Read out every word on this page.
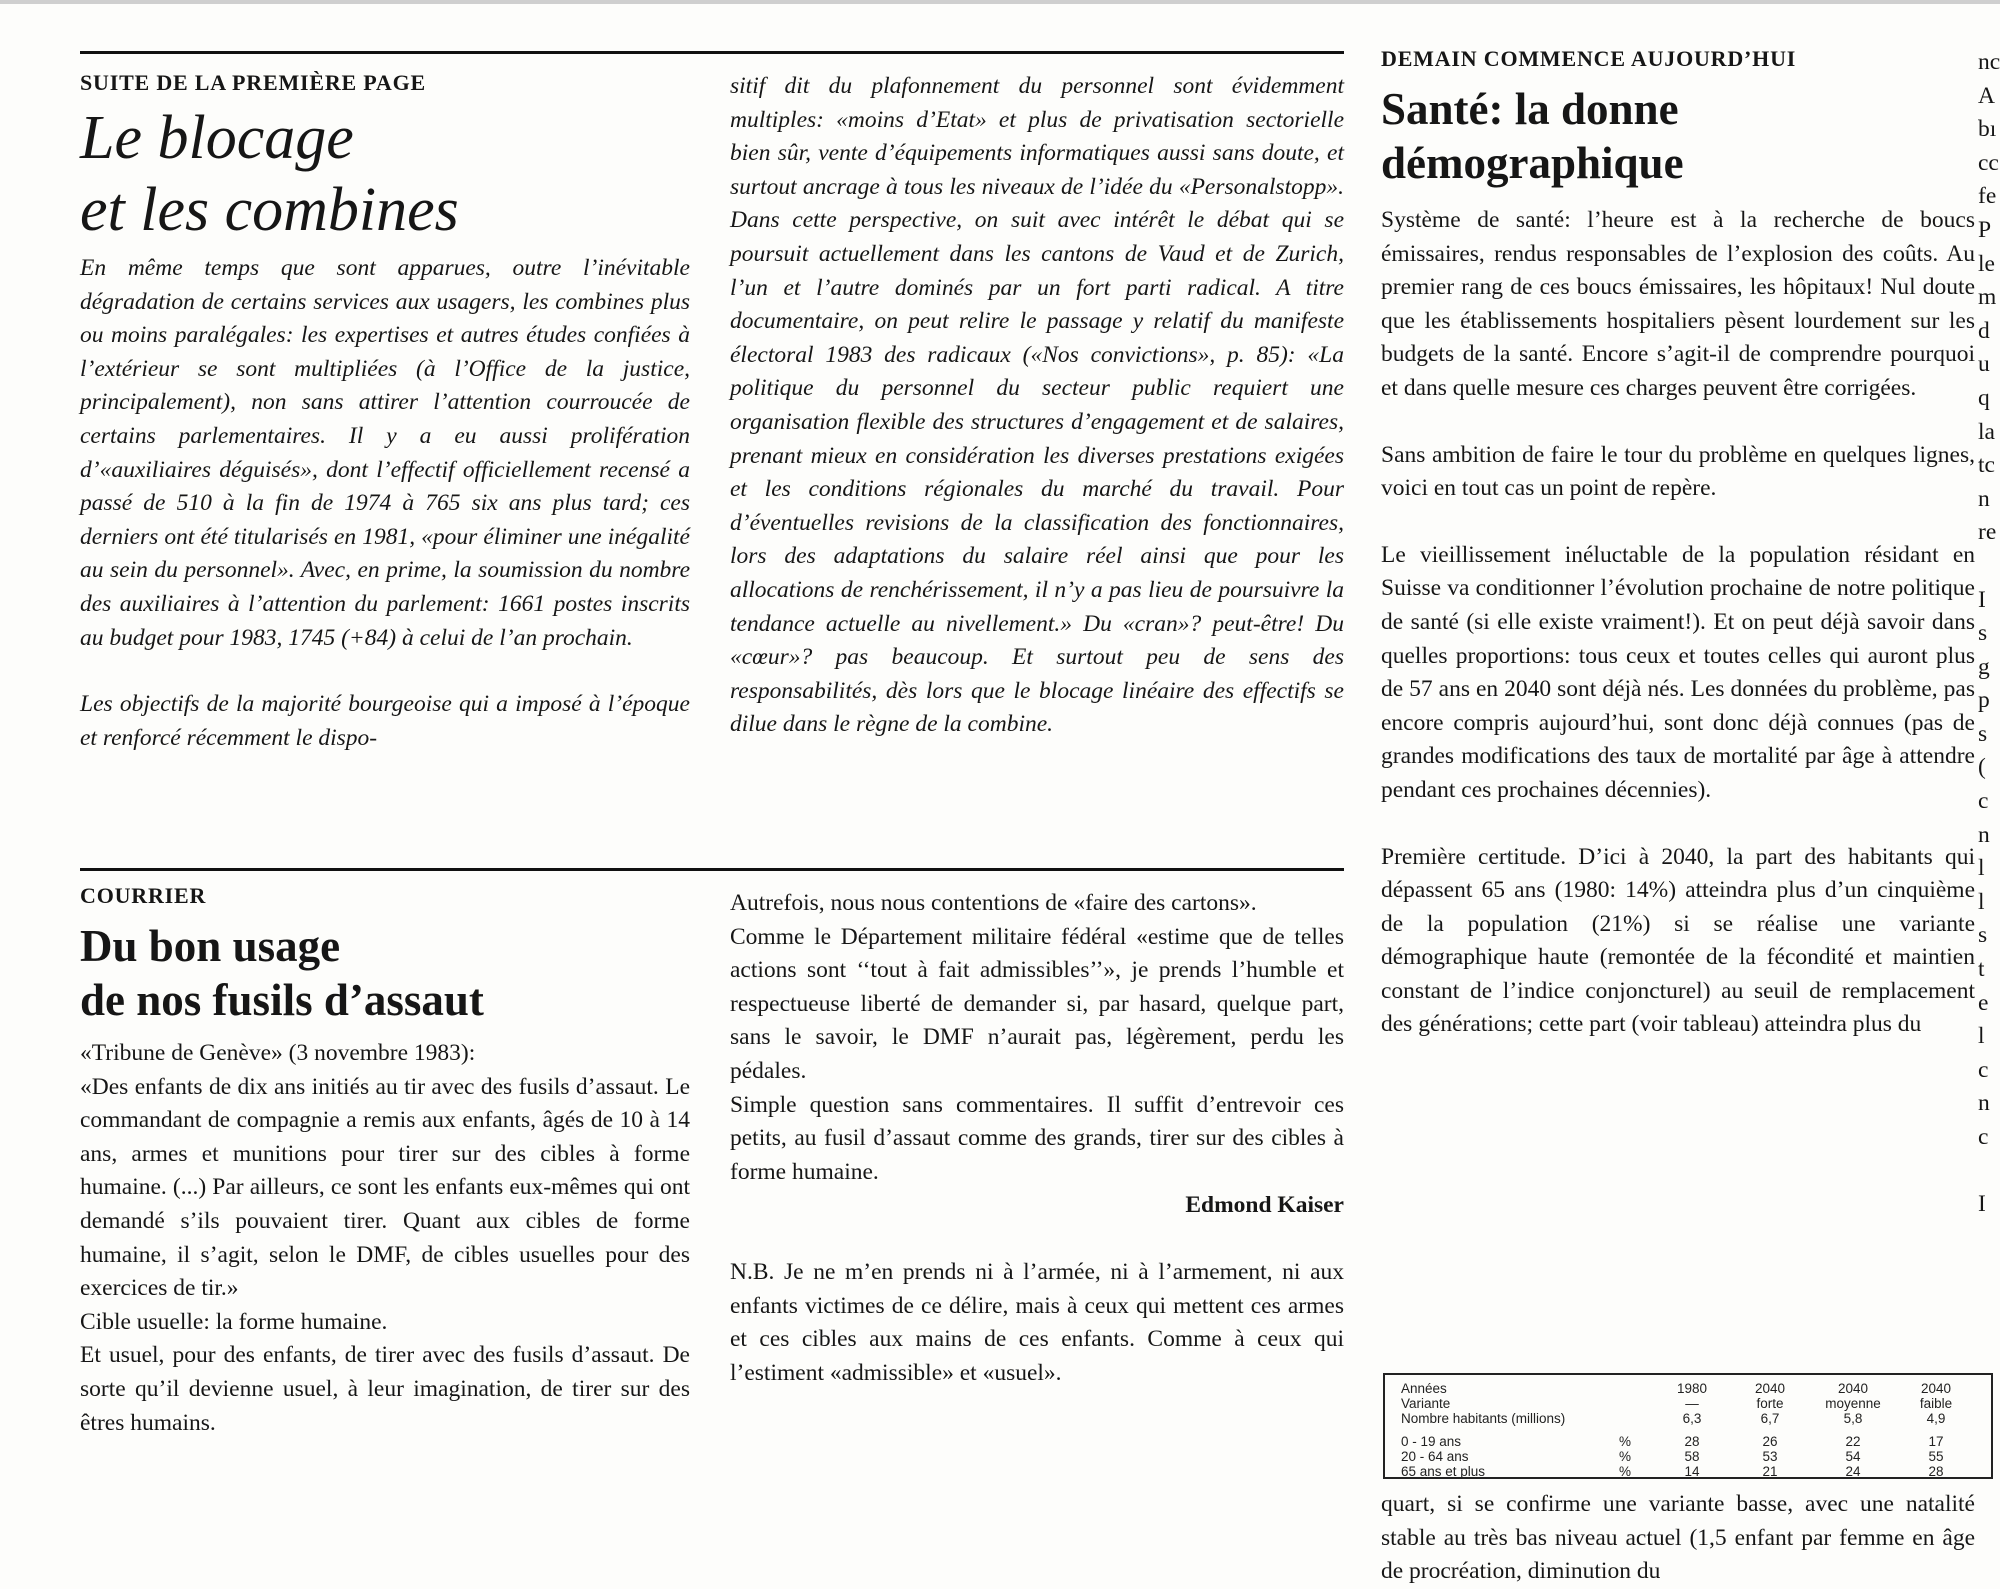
SUITE DE LA PREMIÈRE PAGE
Le blocage
et les combines

En même temps que sont apparues, outre l’inévitable dégradation de certains services aux usagers, les combines plus ou moins paralégales: les expertises et autres études confiées à l’extérieur se sont multipliées (à l’Office de la justice, principalement), non sans attirer l’attention courroucée de certains parlementaires. Il y a eu aussi prolifération d’«auxiliaires déguisés», dont l’effectif officiellement recensé a passé de 510 à la fin de 1974 à 765 six ans plus tard; ces derniers ont été titularisés en 1981, «pour éliminer une inégalité au sein du personnel». Avec, en prime, la soumission du nombre des auxiliaires à l’attention du parlement: 1661 postes inscrits au budget pour 1983, 1745 (+84) à celui de l’an prochain.

Les objectifs de la majorité bourgeoise qui a imposé à l’époque et renforcé récemment le dispo-

sitif dit du plafonnement du personnel sont évidemment multiples: «moins d’Etat» et plus de privatisation sectorielle bien sûr, vente d’équipements informatiques aussi sans doute, et surtout ancrage à tous les niveaux de l’idée du «Personalstopp». Dans cette perspective, on suit avec intérêt le débat qui se poursuit actuellement dans les cantons de Vaud et de Zurich, l’un et l’autre dominés par un fort parti radical. A titre documentaire, on peut relire le passage y relatif du manifeste électoral 1983 des radicaux («Nos convictions», p. 85): «La politique du personnel du secteur public requiert une organisation flexible des structures d’engagement et de salaires, prenant mieux en considération les diverses prestations exigées et les conditions régionales du marché du travail. Pour d’éventuelles revisions de la classification des fonctionnaires, lors des adaptations du salaire réel ainsi que pour les allocations de renchérissement, il n’y a pas lieu de poursuivre la tendance actuelle au nivellement.» Du «cran»? peut-être! Du «cœur»? pas beaucoup. Et surtout peu de sens des responsabilités, dès lors que le blocage linéaire des effectifs se dilue dans le règne de la combine.

COURRIER
Du bon usage
de nos fusils d’assaut

«Tribune de Genève» (3 novembre 1983):

«Des enfants de dix ans initiés au tir avec des fusils d’assaut. Le commandant de compagnie a remis aux enfants, âgés de 10 à 14 ans, armes et munitions pour tirer sur des cibles à forme humaine. (...) Par ailleurs, ce sont les enfants eux-mêmes qui ont demandé s’ils pouvaient tirer. Quant aux cibles de forme humaine, il s’agit, selon le DMF, de cibles usuelles pour des exercices de tir.»

Cible usuelle: la forme humaine.

Et usuel, pour des enfants, de tirer avec des fusils d’assaut. De sorte qu’il devienne usuel, à leur imagination, de tirer sur des êtres humains.

Autrefois, nous nous contentions de «faire des cartons».

Comme le Département militaire fédéral «estime que de telles actions sont ‘‘tout à fait admissibles’’», je prends l’humble et respectueuse liberté de demander si, par hasard, quelque part, sans le savoir, le DMF n’aurait pas, légèrement, perdu les pédales.

Simple question sans commentaires. Il suffit d’entrevoir ces petits, au fusil d’assaut comme des grands, tirer sur des cibles à forme humaine.

Edmond Kaiser

N.B. Je ne m’en prends ni à l’armée, ni à l’armement, ni aux enfants victimes de ce délire, mais à ceux qui mettent ces armes et ces cibles aux mains de ces enfants. Comme à ceux qui l’estiment «admissible» et «usuel».

DEMAIN COMMENCE AUJOURD’HUI
Santé: la donne
démographique

Système de santé: l’heure est à la recherche de boucs émissaires, rendus responsables de l’explosion des coûts. Au premier rang de ces boucs émissaires, les hôpitaux! Nul doute que les établissements hospitaliers pèsent lourdement sur les budgets de la santé. Encore s’agit-il de comprendre pourquoi et dans quelle mesure ces charges peuvent être corrigées.

Sans ambition de faire le tour du problème en quelques lignes, voici en tout cas un point de repère.

Le vieillissement inéluctable de la population résidant en Suisse va conditionner l’évolution prochaine de notre politique de santé (si elle existe vraiment!). Et on peut déjà savoir dans quelles proportions: tous ceux et toutes celles qui auront plus de 57 ans en 2040 sont déjà nés. Les données du problème, pas encore compris aujourd’hui, sont donc déjà connues (pas de grandes modifications des taux de mortalité par âge à attendre pendant ces prochaines décennies).

Première certitude. D’ici à 2040, la part des habitants qui dépassent 65 ans (1980: 14%) atteindra plus d’un cinquième de la population (21%) si se réalise une variante démographique haute (remontée de la fécondité et maintien constant de l’indice conjoncturel) au seuil de remplacement des générations; cette part (voir tableau) atteindra plus du

Années		1980	2040	2040	2040
Variante		—	forte	moyenne	faible
Nombre habitants (millions)		6,3	6,7	5,8	4,9

0 - 19 ans	%	28	26	22	17
20 - 64 ans	%	58	53	54	55
65 ans et plus	%	14	21	24	28

quart, si se confirme une variante basse, avec une natalité stable au très bas niveau actuel (1,5 enfant par femme en âge de procréation, diminution du

nc

A

bı

cc

fe

P

le

m

d

u

q

la

tc

n

re

I

s

g

p

s

(

c

n

l

l

s

t

e

l

c

n

c

I
